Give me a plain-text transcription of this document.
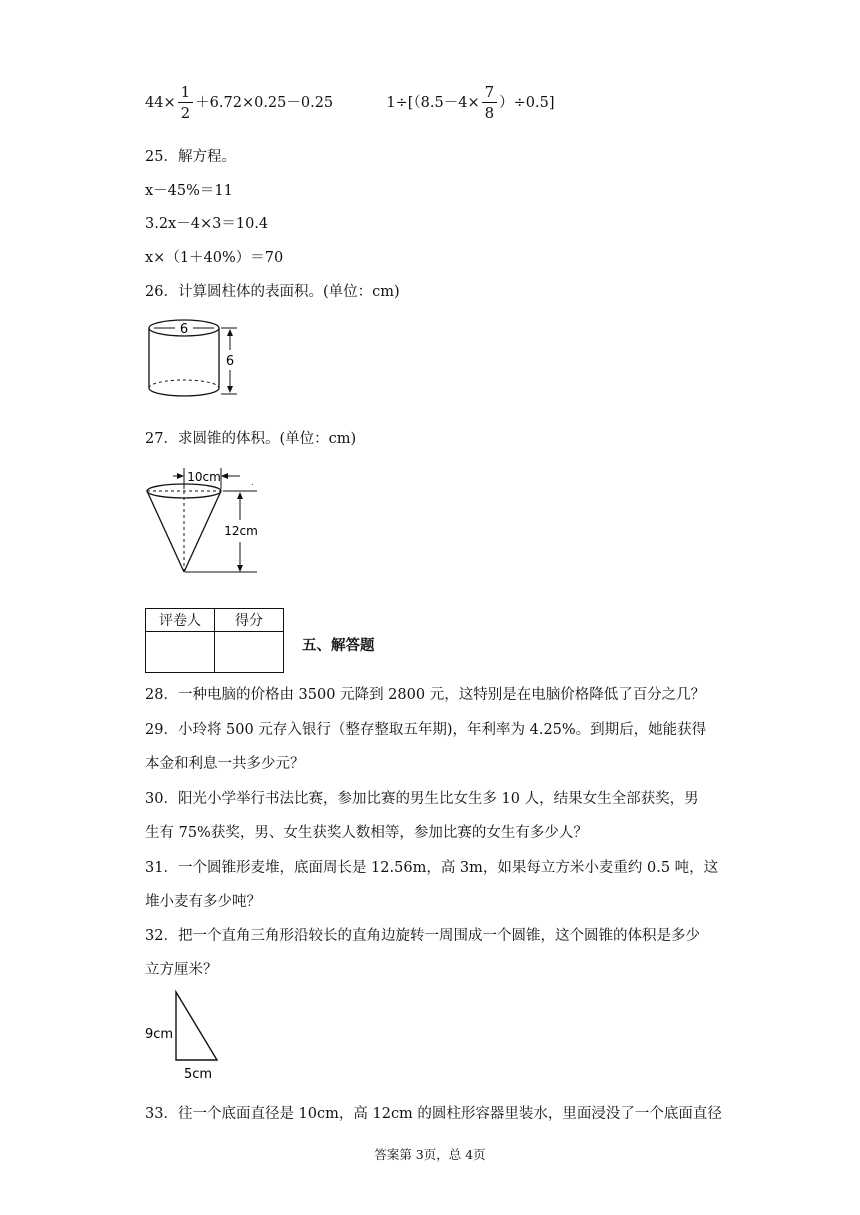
$44\times \frac{1}{2} +6.72\times 0.25-0.25$	$1\div[(8.5-4\times \frac{7}{8} )\div 0.5]$
25．解方程。
x－45%＝11
3.2x－4×3＝10.4
x×（1＋40%）＝70
26．计算圆柱体的表面积。(单位：cm)
6
6
27．求圆锥的体积。(单位：cm)
10cm	.
12cm
评卷人	得分

五、解答题
28．一种电脑的价格由 3500 元降到 2800 元，这特别是在电脑价格降低了百分之几？
29．小玲将 500 元存入银行（整存整取五年期)，年利率为 4.25%。到期后，她能获得
本金和利息一共多少元？
30．阳光小学举行书法比赛，参加比赛的男生比女生多 10 人，结果女生全部获奖，男
生有 75%获奖，男、女生获奖人数相等，参加比赛的女生有多少人？
31．一个圆锥形麦堆，底面周长是 12.56m，高 3m，如果每立方米小麦重约 0.5 吨，这
堆小麦有多少吨？
32．把一个直角三角形沿较长的直角边旋转一周围成一个圆锥，这个圆锥的体积是多少
立方厘米？
9cm
5cm
33．往一个底面直径是 10cm，高 12cm 的圆柱形容器里装水，里面浸没了一个底面直径
答案第 3页，总 4页
